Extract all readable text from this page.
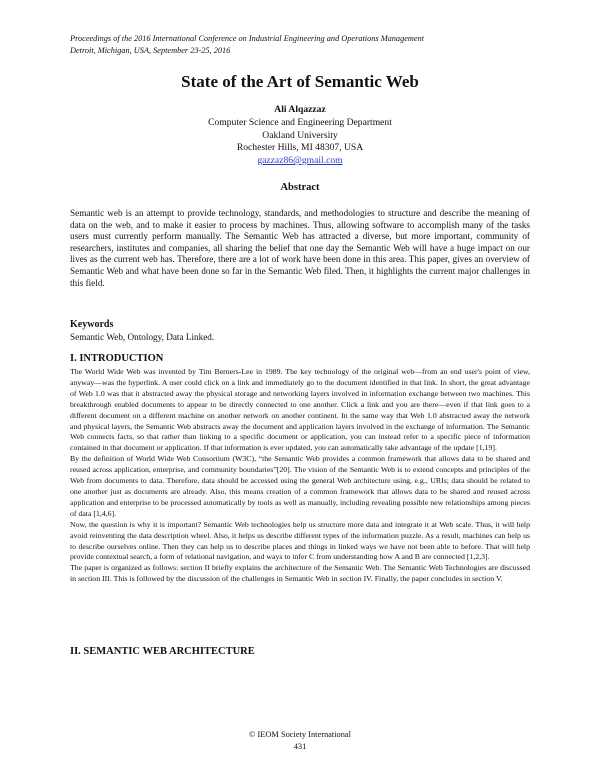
Proceedings of the 2016 International Conference on Industrial Engineering and Operations Management
Detroit, Michigan, USA, September 23-25, 2016
State of the Art of Semantic Web
Ali Alqazzaz
Computer Science and Engineering Department
Oakland University
Rochester Hills, MI 48307, USA
gazzaz86@gmail.com
Abstract
Semantic web is an attempt to provide technology, standards, and methodologies to structure and describe the meaning of data on the web, and to make it easier to process by machines. Thus, allowing software to accomplish many of the tasks users must currently perform manually. The Semantic Web has attracted a diverse, but more important, community of researchers, institutes and companies, all sharing the belief that one day the Semantic Web will have a huge impact on our lives as the current web has. Therefore, there are a lot of work have been done in this area. This paper, gives an overview of Semantic Web and what have been done so far in the Semantic Web filed. Then, it highlights the current major challenges in this field.
Keywords
Semantic Web, Ontology, Data Linked.
I. INTRODUCTION

The World Wide Web was invented by Tim Berners-Lee in 1989. The key technology of the original web—from an end user's point of view, anyway—was the hyperlink. A user could click on a link and immediately go to the document identified in that link. In short, the great advantage of Web 1.0 was that it abstracted away the physical storage and networking layers involved in information exchange between two machines. This breakthrough enabled documents to appear to be directly connected to one another. Click a link and you are there—even if that link goes to a different document on a different machine on another network on another continent. In the same way that Web 1.0 abstracted away the network and physical layers, the Semantic Web abstracts away the document and application layers involved in the exchange of information. The Semantic Web connects facts, so that rather than linking to a specific document or application, you can instead refer to a specific piece of information contained in that document or application. If that information is ever updated, you can automatically take advantage of the update [1,19].

By the definition of World Wide Web Consortium (W3C), “the Semantic Web provides a common framework that allows data to be shared and reused across application, enterprise, and community boundaries”[20]. The vision of the Semantic Web is to extend concepts and principles of the Web from documents to data. Therefore, data should be accessed using the general Web architecture using, e.g., URIs; data should be related to one another just as documents are already. Also, this means creation of a common framework that allows data to be shared and reused across application and enterprise to be processed automatically by tools as well as manually, including revealing possible new relationships among pieces of data [1,4,6].

Now, the question is why it is important? Semantic Web technologies help us structure more data and integrate it at Web scale. Thus, it will help avoid reinventing the data description wheel. Also, it helps us describe different types of the information puzzle. As a result, machines can help us to describe ourselves online. Then they can help us to describe places and things in linked ways we have not been able to before. That will help provide contextual search, a form of relational navigation, and ways to infer C from understanding how A and B are connected [1,2,3].

The paper is organized as follows: section II briefly explains the architecture of the Semantic Web. The Semantic Web Technologies are discussed in section III. This is followed by the discussion of the challenges in Semantic Web in section IV. Finally, the paper concludes in section V.

II. SEMANTIC WEB ARCHITECTURE
© IEOM Society International
431
